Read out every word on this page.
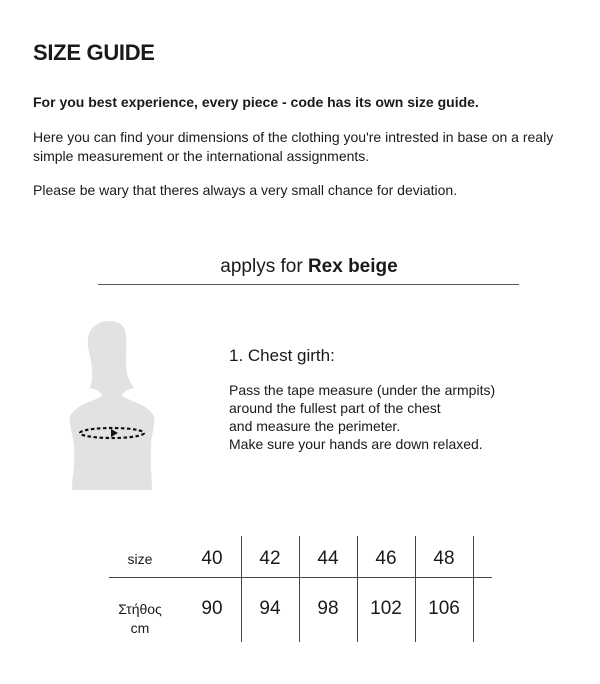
SIZE GUIDE
For you best experience, every piece - code has its own size guide.
Here you can find your dimensions of the clothing you're intrested in base on a realy simple measurement or the international assignments.
Please be wary that theres always a very small chance for deviation.
applys for Rex beige
1. Chest girth:
Pass the tape measure (under the armpits)
around the fullest part of the chest
and measure the perimeter.
Make sure your hands are down relaxed.
size	40	42	44	46	48
Στήθος
cm
90	94	98	102	106
